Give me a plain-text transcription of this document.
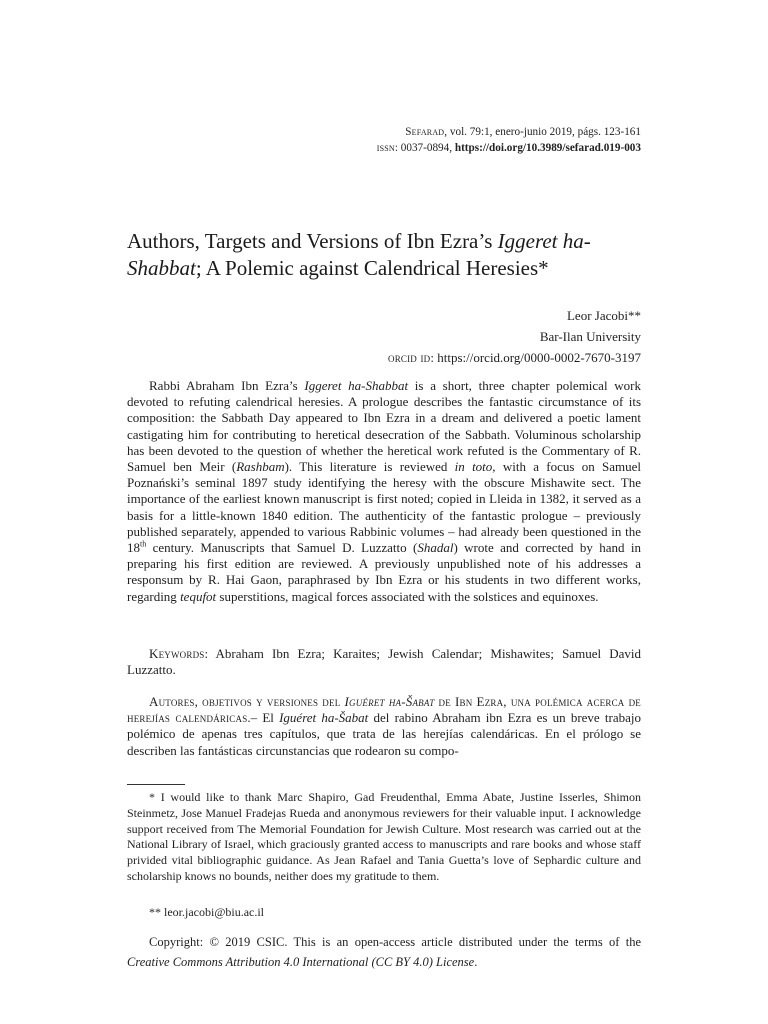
Sefarad, vol. 79:1, enero-junio 2019, págs. 123-161
issn: 0037-0894, https://doi.org/10.3989/sefarad.019-003
Authors, Targets and Versions of Ibn Ezra’s Iggeret ha-Shabbat; A Polemic against Calendrical Heresies*
Leor Jacobi**
Bar-Ilan University
orcid id: https://orcid.org/0000-0002-7670-3197

Rabbi Abraham Ibn Ezra’s Iggeret ha-Shabbat is a short, three chapter polemical work devoted to refuting calendrical heresies. A prologue describes the fantastic circumstance of its composition: the Sabbath Day appeared to Ibn Ezra in a dream and delivered a poetic lament castigating him for contributing to heretical desecration of the Sabbath. Voluminous scholarship has been devoted to the question of whether the heretical work refuted is the Commentary of R. Samuel ben Meir (Rashbam). This literature is reviewed in toto, with a focus on Samuel Poznański’s seminal 1897 study identifying the heresy with the obscure Mishawite sect. The importance of the earliest known manuscript is first noted; copied in Lleida in 1382, it served as a basis for a little-known 1840 edition. The authenticity of the fantastic prologue – previously published separately, appended to various Rabbinic volumes – had already been questioned in the 18th century. Manuscripts that Samuel D. Luzzatto (Shadal) wrote and corrected by hand in preparing his first edition are reviewed. A previously unpublished note of his addresses a responsum by R. Hai Gaon, paraphrased by Ibn Ezra or his students in two different works, regarding tequfot superstitions, magical forces associated with the solstices and equinoxes.

Keywords: Abraham Ibn Ezra; Karaites; Jewish Calendar; Mishawites; Samuel David Luzzatto.

Autores, objetivos y versiones del Iguéret ha-Šabat de Ibn Ezra, una polémica acerca de herejías calendáricas.– El Iguéret ha-Šabat del rabino Abraham ibn Ezra es un breve trabajo polémico de apenas tres capítulos, que trata de las herejías calendáricas. En el prólogo se describen las fantásticas circunstancias que rodearon su compo-

* I would like to thank Marc Shapiro, Gad Freudenthal, Emma Abate, Justine Isserles, Shimon Steinmetz, Jose Manuel Fradejas Rueda and anonymous reviewers for their valuable input. I acknowledge support received from The Memorial Foundation for Jewish Culture. Most research was carried out at the National Library of Israel, which graciously granted access to manuscripts and rare books and whose staff privided vital bibliographic guidance. As Jean Rafael and Tania Guetta’s love of Sephardic culture and scholarship knows no bounds, neither does my gratitude to them.

** leor.jacobi@biu.ac.il

Copyright: © 2019 CSIC. This is an open-access article distributed under the terms of the Creative Commons Attribution 4.0 International (CC BY 4.0) License.
